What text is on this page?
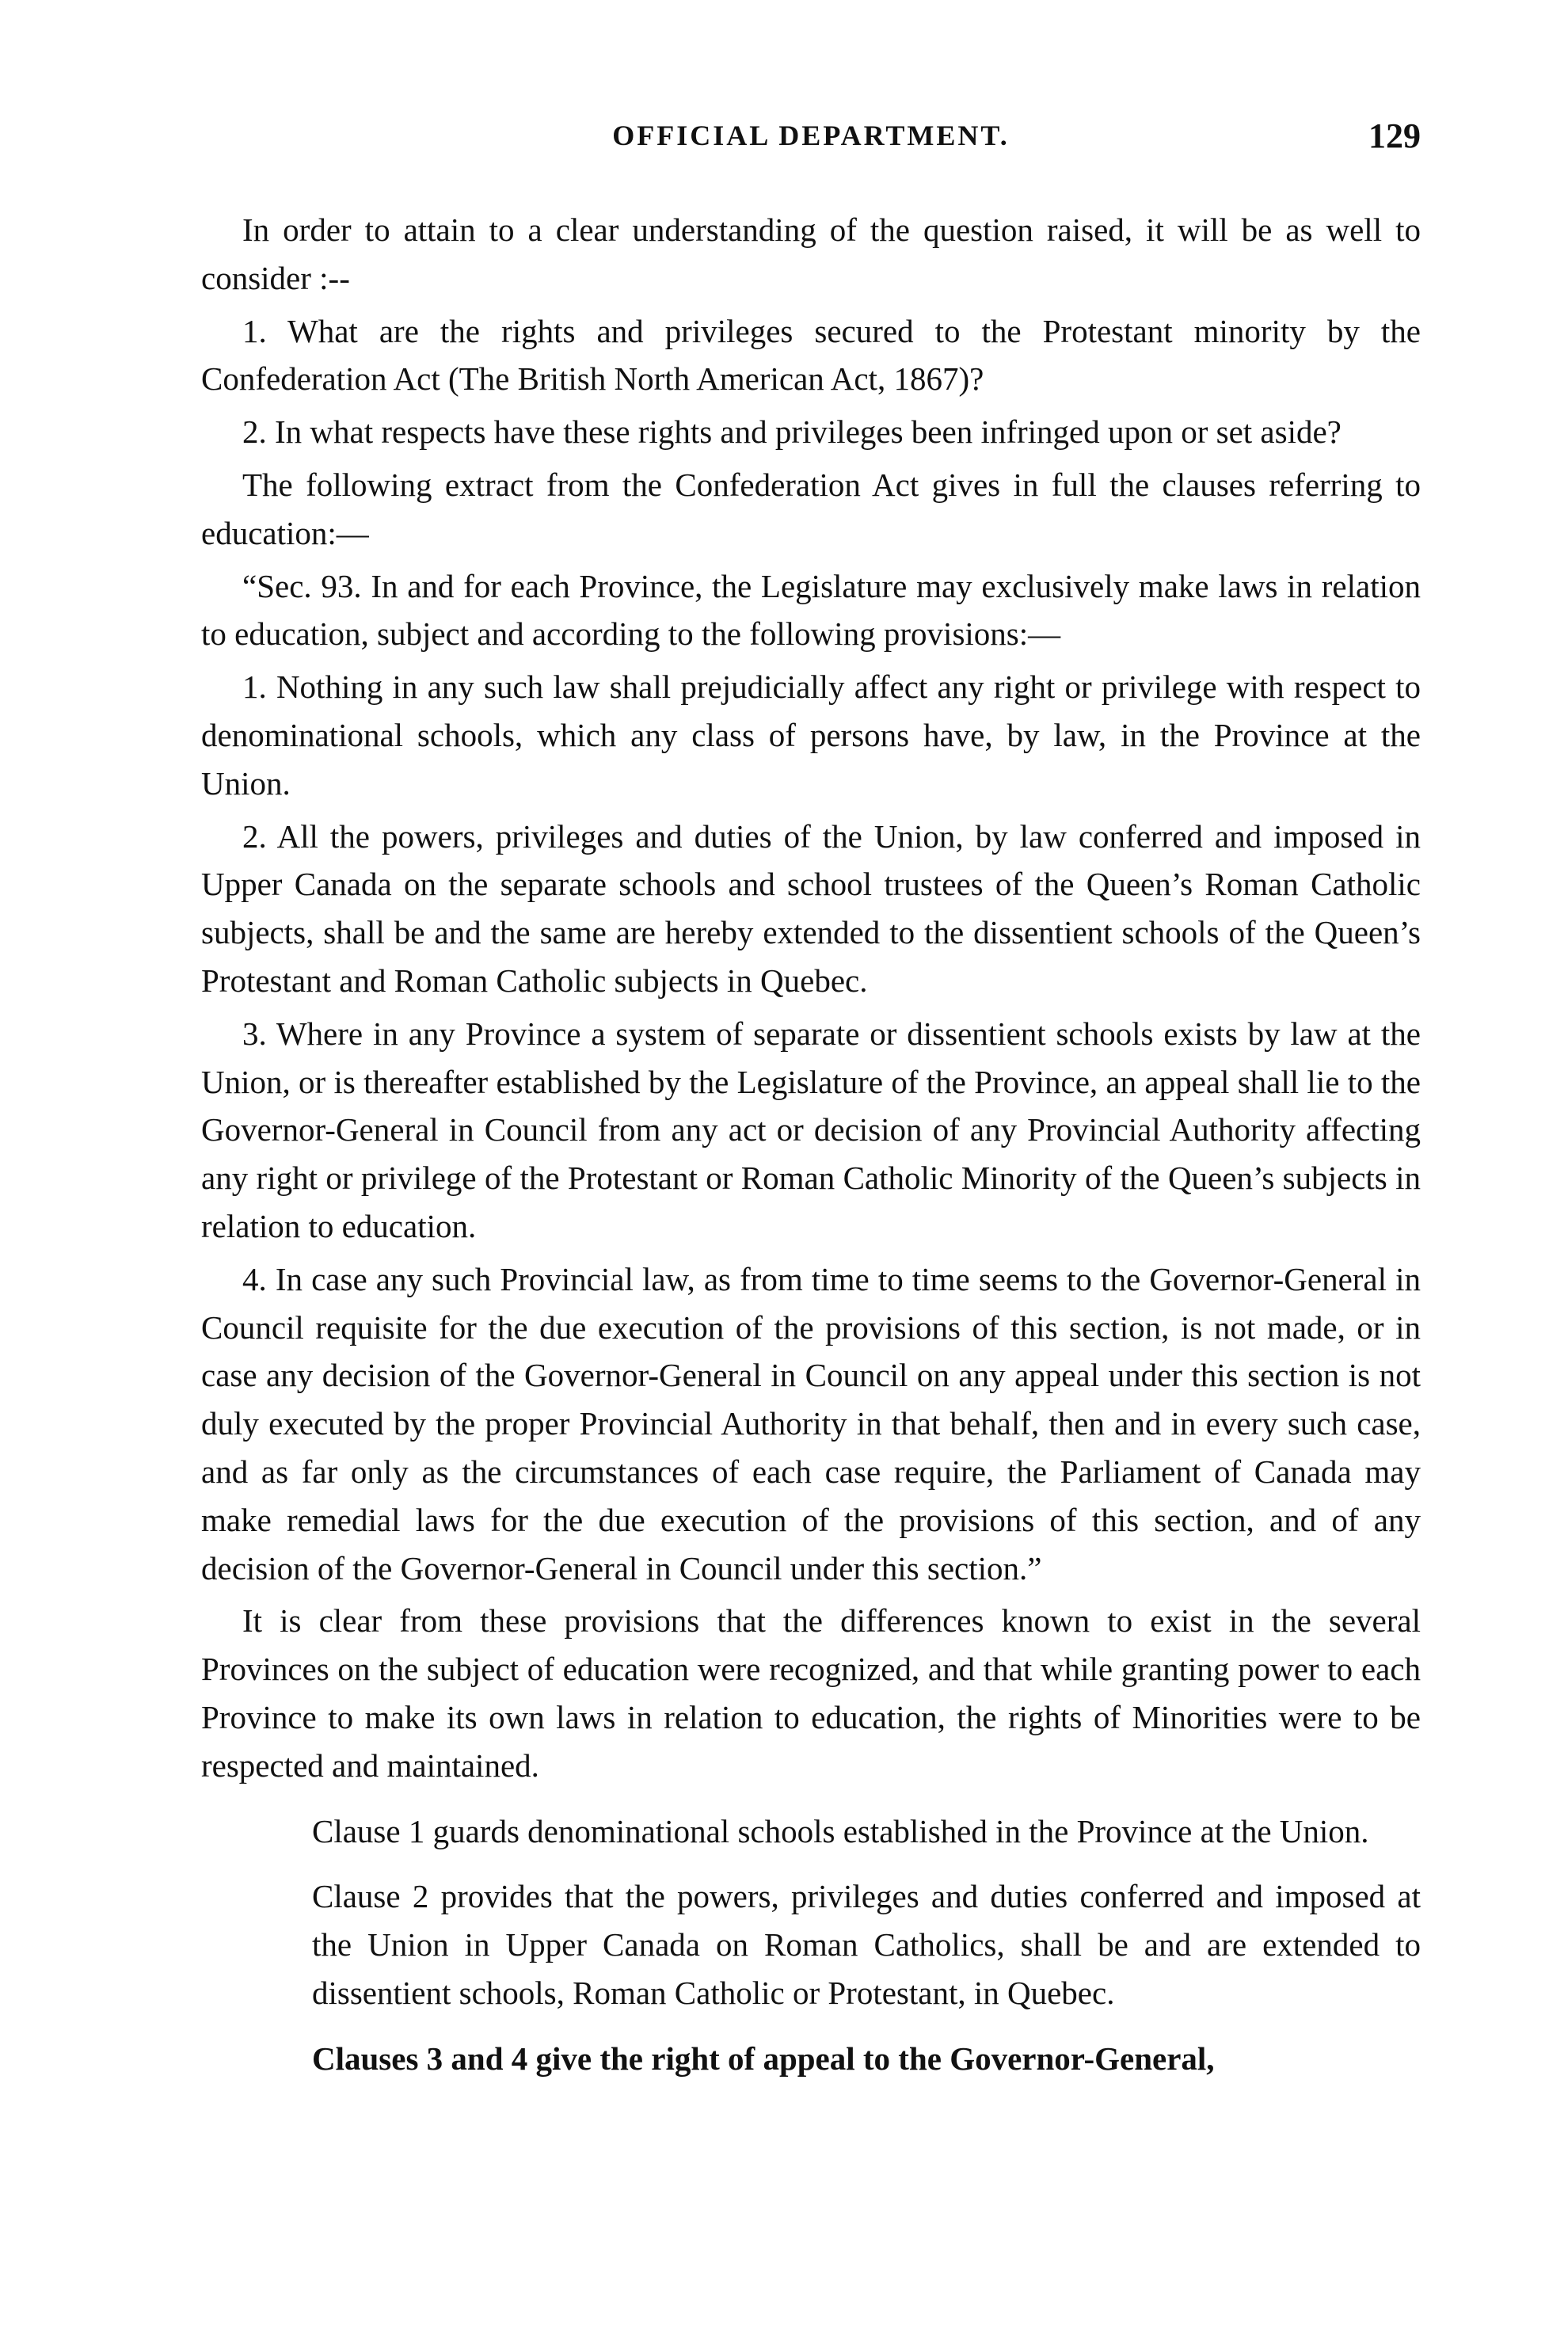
OFFICIAL DEPARTMENT.	129

In order to attain to a clear understanding of the question raised, it will be as well to consider :--

1. What are the rights and privileges secured to the Protestant minority by the Confederation Act (The British North American Act, 1867)?

2. In what respects have these rights and privileges been infringed upon or set aside?

The following extract from the Confederation Act gives in full the clauses referring to education:—

“Sec. 93. In and for each Province, the Legislature may exclusively make laws in relation to education, subject and according to the following provisions:—

1. Nothing in any such law shall prejudicially affect any right or privilege with respect to denominational schools, which any class of persons have, by law, in the Province at the Union.

2. All the powers, privileges and duties of the Union, by law conferred and imposed in Upper Canada on the separate schools and school trustees of the Queen’s Roman Catholic subjects, shall be and the same are hereby extended to the dissentient schools of the Queen’s Protestant and Roman Catholic subjects in Quebec.

3. Where in any Province a system of separate or dissentient schools exists by law at the Union, or is thereafter established by the Legislature of the Province, an appeal shall lie to the Governor-General in Council from any act or decision of any Provincial Authority affecting any right or privilege of the Protestant or Roman Catholic Minority of the Queen’s subjects in relation to education.

4. In case any such Provincial law, as from time to time seems to the Governor-General in Council requisite for the due execution of the provisions of this section, is not made, or in case any decision of the Governor-General in Council on any appeal under this section is not duly executed by the proper Provincial Authority in that behalf, then and in every such case, and as far only as the circumstances of each case require, the Parliament of Canada may make remedial laws for the due execution of the provisions of this section, and of any decision of the Governor-General in Council under this section.”

It is clear from these provisions that the differences known to exist in the several Provinces on the subject of education were recognized, and that while granting power to each Province to make its own laws in relation to education, the rights of Minorities were to be respected and maintained.

Clause 1 guards denominational schools established in the Province at the Union.

Clause 2 provides that the powers, privileges and duties conferred and imposed at the Union in Upper Canada on Roman Catholics, shall be and are extended to dissentient schools, Roman Catholic or Protestant, in Quebec.

Clauses 3 and 4 give the right of appeal to the Governor-General,
